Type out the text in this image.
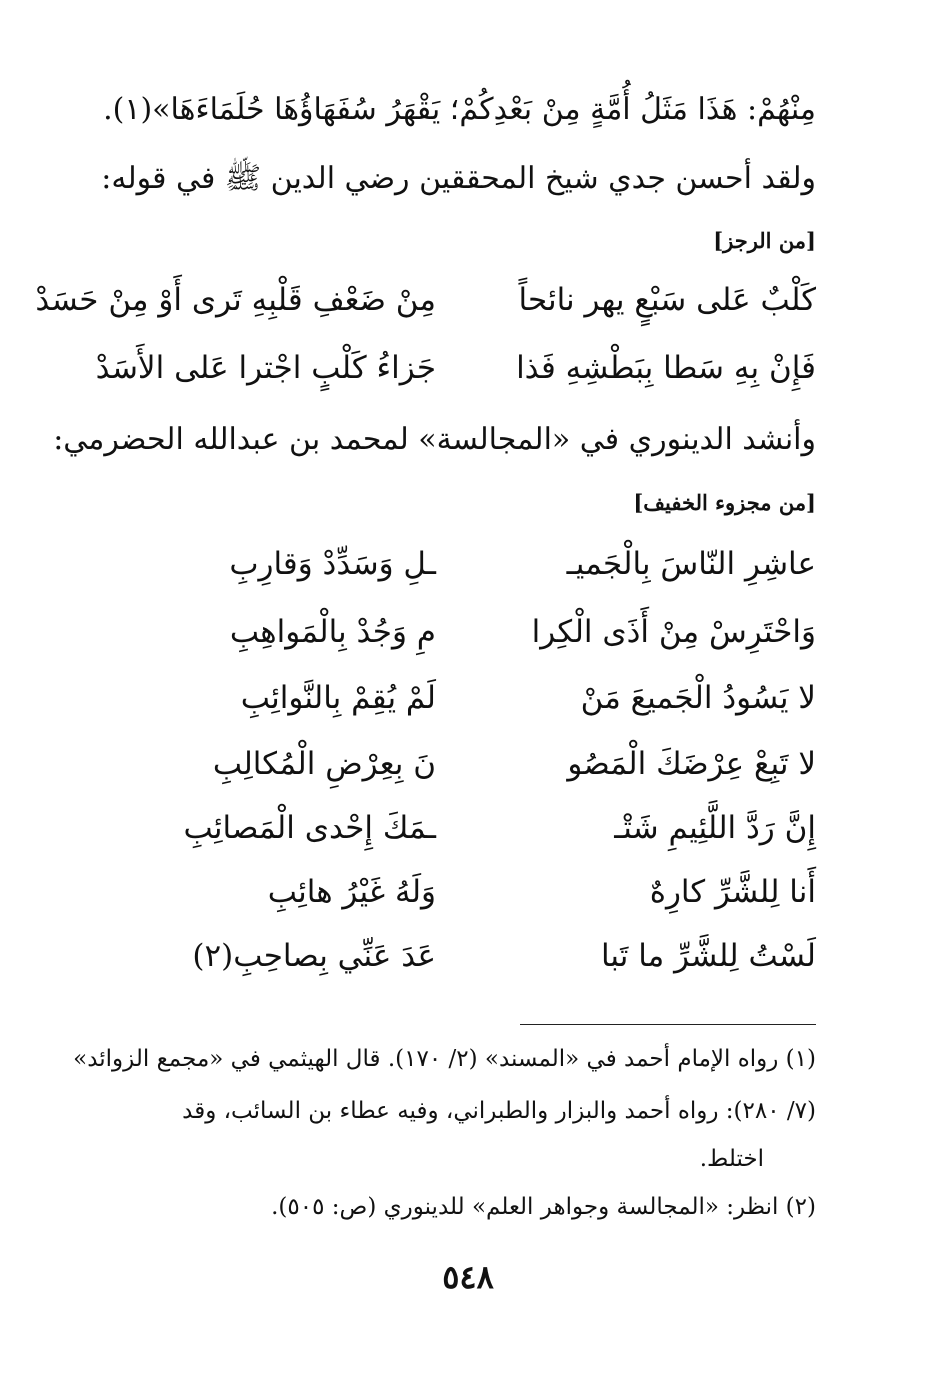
مِنْهُمْ: هَذَا مَثَلُ أُمَّةٍ مِنْ بَعْدِكُمْ؛ يَقْهَرُ سُفَهَاؤُهَا حُلَمَاءَهَا»(١).
ولقد أحسن جدي شيخ المحققين رضي الدين ﷺ في قوله:
[من الرجز]
كَلْبٌ عَلى سَبْعٍ يهر نائحاً
مِنْ ضَعْفِ قَلْبِهِ تَرى أَوْ مِنْ حَسَدْ
فَإِنْ بِهِ سَطا بِبَطْشِهِ فَذا
جَزاءُ كَلْبٍ اجْترا عَلى الأَسَدْ
وأنشد الدينوري في «المجالسة» لمحمد بن عبدالله الحضرمي:
[من مجزوء الخفيف]
عاشِرِ النّاسَ بِالْجَميـ
ـلِ وَسَدِّدْ وَقارِبِ
وَاحْتَرِسْ مِنْ أَذَى الْكِرا
مِ وَجُدْ بِالْمَواهِبِ
لا يَسُودُ الْجَميعَ مَنْ
لَمْ يُقِمْ بِالنَّوائِبِ
لا تَبِعْ عِرْضَكَ الْمَصُو
نَ بِعِرْضِ الْمُكالِبِ
إِنَّ رَدَّ اللَّئِيمِ شَتْـ
ـمَكَ إِحْدى الْمَصائِبِ
أَنا لِلشَّرِّ كارِهٌ
وَلَهُ غَيْرُ هائِبِ
لَسْتُ لِلشَّرِّ ما تَبا
عَدَ عَنِّي بِصاحِبِ(٢)
(١) رواه الإمام أحمد في «المسند» (٢/ ١٧٠). قال الهيثمي في «مجمع الزوائد»
(٧/ ٢٨٠): رواه أحمد والبزار والطبراني، وفيه عطاء بن السائب، وقد
اختلط.
(٢) انظر: «المجالسة وجواهر العلم» للدينوري (ص: ٥٠٥).
٥٤٨
